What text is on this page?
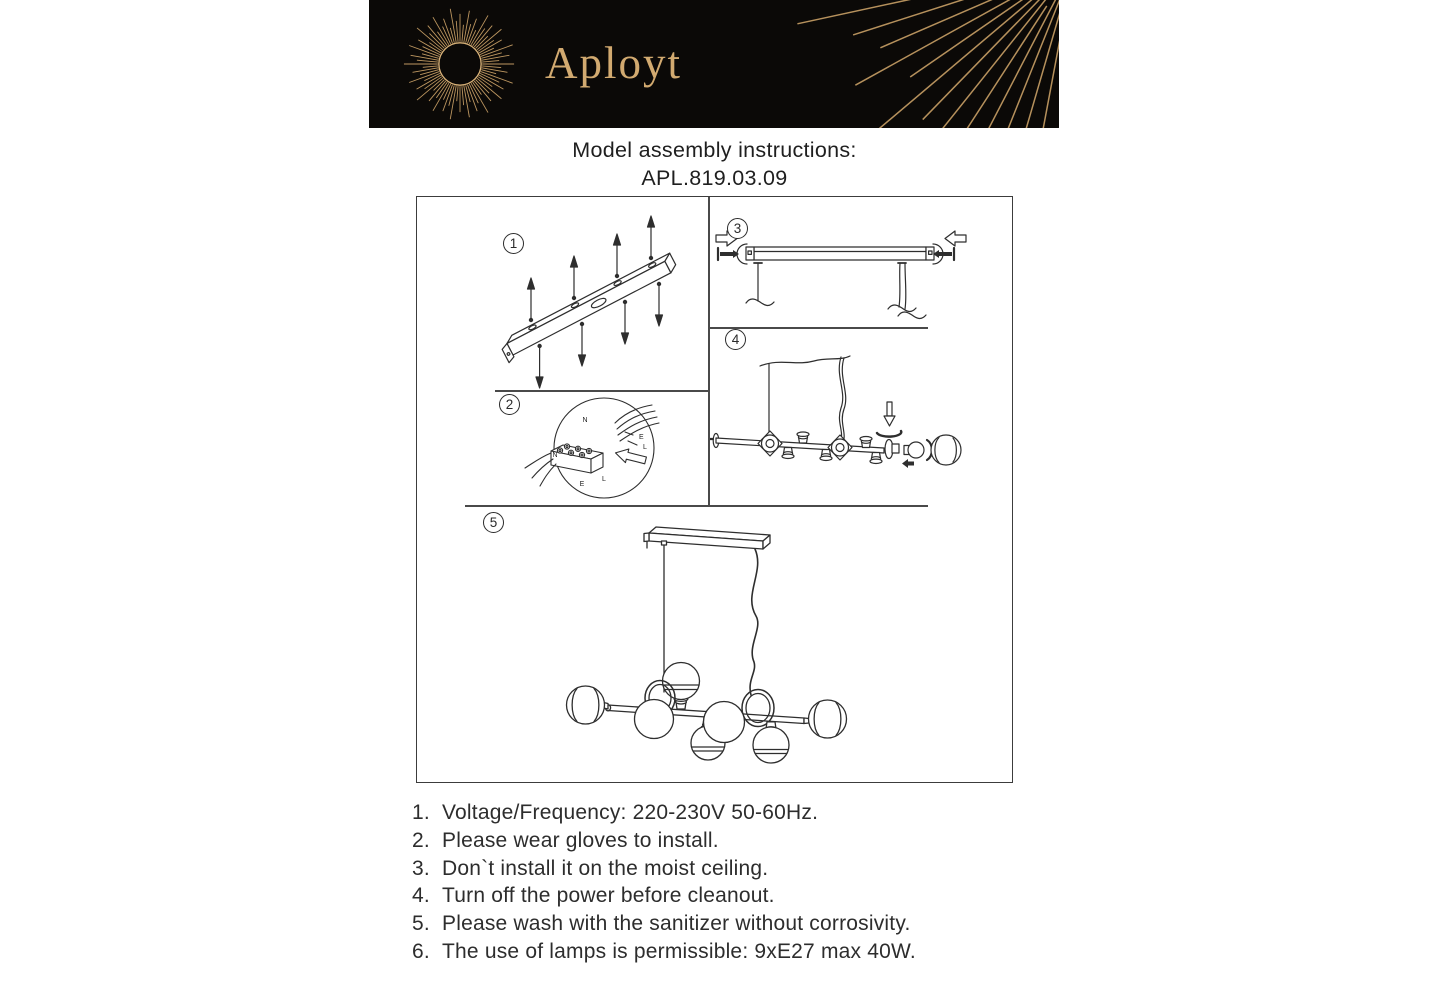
Aployt
Model assembly instructions:
APL.819.03.09
1
N
E
L
N
E
L
2
3
4
5
1. Voltage/Frequency: 220-230V 50-60Hz.
2. Please wear gloves to install.
3. Don`t install it on the moist ceiling.
4. Turn off the power before cleanout.
5. Please wash with the sanitizer without corrosivity.
6. The use of lamps is permissible: 9xE27 max 40W.
